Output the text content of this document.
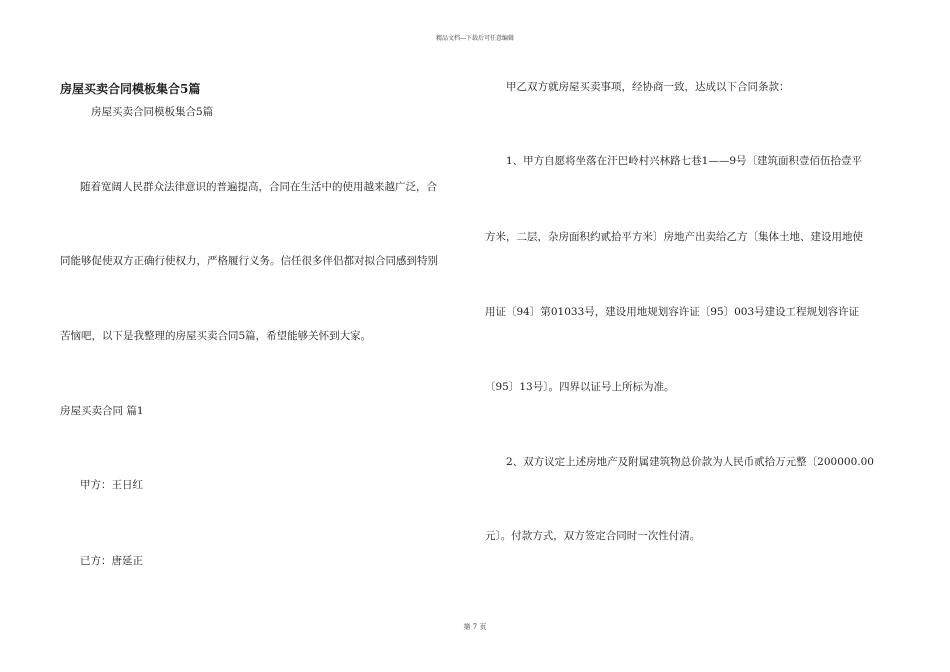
精品文档---下载后可任意编辑
房屋买卖合同模板集合5篇
房屋买卖合同模板集合5篇
随着宽阔人民群众法律意识的普遍提高，合同在生活中的使用越来越广泛，合
同能够促使双方正确行使权力，严格履行义务。信任很多伴侣都对拟合同感到特别
苦恼吧，以下是我整理的房屋买卖合同5篇，希望能够关怀到大家。
房屋买卖合同 篇1
甲方：王日红
已方：唐延正
甲乙双方就房屋买卖事项，经协商一致，达成以下合同条款：
1、甲方自愿将坐落在汗巴岭村兴林路七巷1——9号〔建筑面积壹佰伍拾壹平
方米，二层，杂房面积约贰拾平方米〕房地产出卖给乙方〔集体土地、建设用地使
用证〔94〕第01033号，建设用地规划容许证〔95〕003号建设工程规划容许证
〔95〕13号〕。四界以证号上所标为准。
2、双方议定上述房地产及附属建筑物总价款为人民币贰拾万元整〔200000.00
元〕。付款方式，双方签定合同时一次性付清。
第 7 页
